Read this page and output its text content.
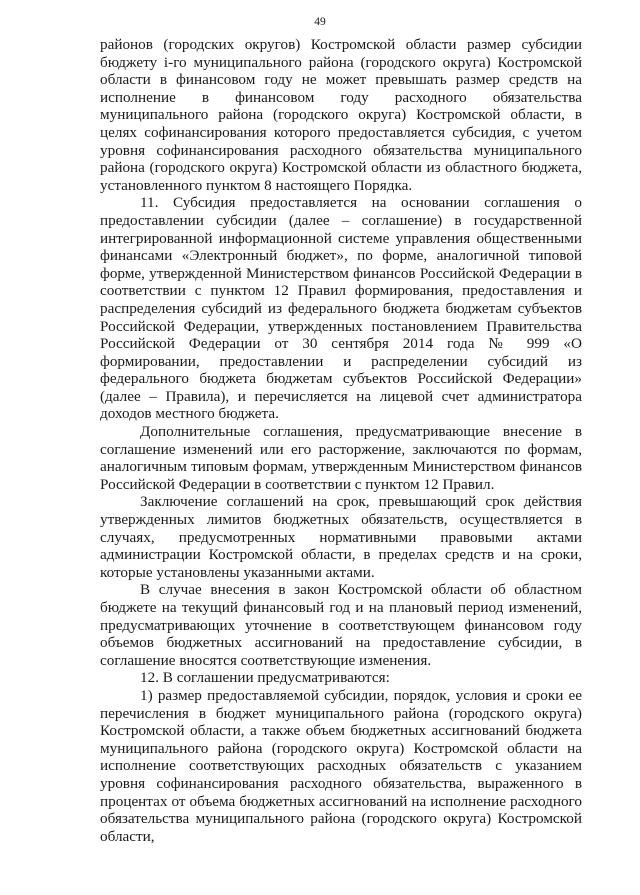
49

районов (городских округов) Костромской области размер субсидии бюджету i-го муниципального района (городского округа) Костромской области в финансовом году не может превышать размер средств на исполнение в финансовом году расходного обязательства муниципального района (городского округа) Костромской области, в целях софинансирования которого предоставляется субсидия, с учетом уровня софинансирования расходного обязательства муниципального района (городского округа) Костромской области из областного бюджета, установленного пунктом 8 настоящего Порядка.

11. Субсидия предоставляется на основании соглашения о предоставлении субсидии (далее – соглашение) в государственной интегрированной информационной системе управления общественными финансами «Электронный бюджет», по форме, аналогичной типовой форме, утвержденной Министерством финансов Российской Федерации в соответствии с пунктом 12 Правил формирования, предоставления и распределения субсидий из федерального бюджета бюджетам субъектов Российской Федерации, утвержденных постановлением Правительства Российской Федерации от 30 сентября 2014 года № 999 «О формировании, предоставлении и распределении субсидий из федерального бюджета бюджетам субъектов Российской Федерации» (далее – Правила), и перечисляется на лицевой счет администратора доходов местного бюджета.

Дополнительные соглашения, предусматривающие внесение в соглашение изменений или его расторжение, заключаются по формам, аналогичным типовым формам, утвержденным Министерством финансов Российской Федерации в соответствии с пунктом 12 Правил.

Заключение соглашений на срок, превышающий срок действия утвержденных лимитов бюджетных обязательств, осуществляется в случаях, предусмотренных нормативными правовыми актами администрации Костромской области, в пределах средств и на сроки, которые установлены указанными актами.

В случае внесения в закон Костромской области об областном бюджете на текущий финансовый год и на плановый период изменений, предусматривающих уточнение в соответствующем финансовом году объемов бюджетных ассигнований на предоставление субсидии, в соглашение вносятся соответствующие изменения.

12. В соглашении предусматриваются:

1) размер предоставляемой субсидии, порядок, условия и сроки ее перечисления в бюджет муниципального района (городского округа) Костромской области, а также объем бюджетных ассигнований бюджета муниципального района (городского округа) Костромской области на исполнение соответствующих расходных обязательств с указанием уровня софинансирования расходного обязательства, выраженного в процентах от объема бюджетных ассигнований на исполнение расходного обязательства муниципального района (городского округа) Костромской области,
